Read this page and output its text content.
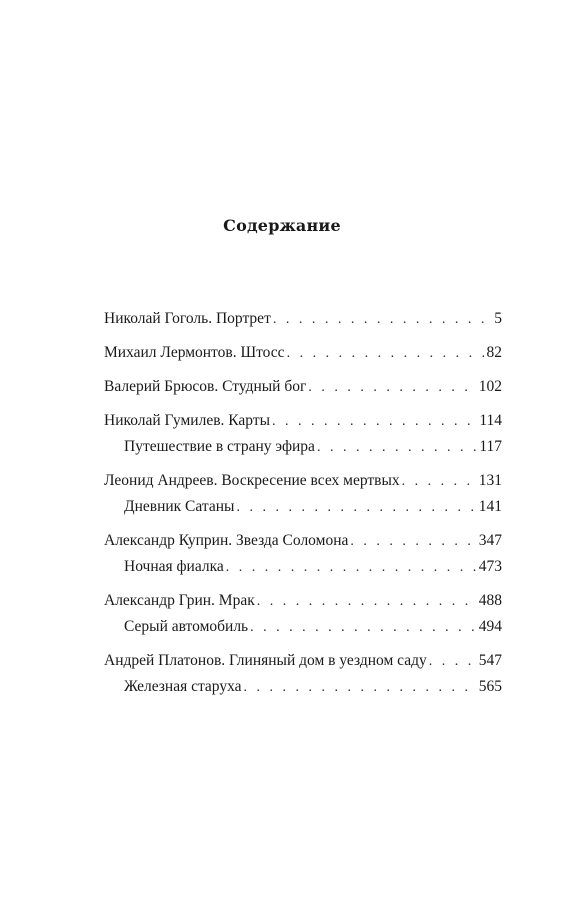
Содержание
Николай Гоголь. Портрет . . .	5
Михаил Лермонтов. Штосс . . .	82
Валерий Брюсов. Студный бог . . .	102
Николай Гумилев. Карты . . .	114
Путешествие в страну эфира . . .	117
Леонид Андреев. Воскресение всех мертвых . . .	131
Дневник Сатаны . . .	141
Александр Куприн. Звезда Соломона . . .	347
Ночная фиалка . . .	473
Александр Грин. Мрак . . .	488
Серый автомобиль . . .	494
Андрей Платонов. Глиняный дом в уездном саду . . .	547
Железная старуха . . .	565
